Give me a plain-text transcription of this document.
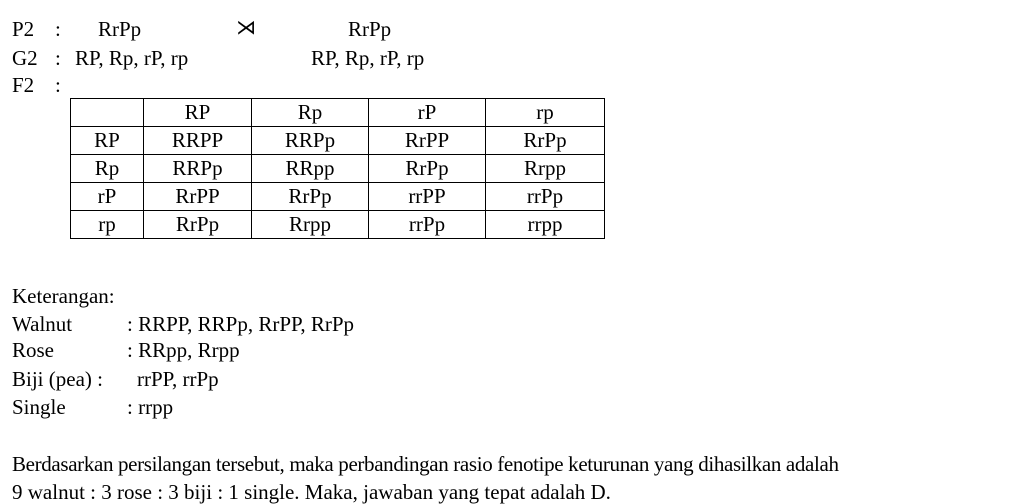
P2 : RrPp	⋊	RrPp
G2 : RP, Rp, rP, rp	RP, Rp, rP, rp
F2 :
	RP	Rp	rP	rp
RP	RRPP	RRPp	RrPP	RrPp
Rp	RRPp	RRpp	RrPp	Rrpp
rP	RrPP	RrPp	rrPP	rrPp
rp	RrPp	Rrpp	rrPp	rrpp
Keterangan:
Walnut	: RRPP, RRPp, RrPP, RrPp
Rose	: RRpp, Rrpp
Biji (pea) : rrPP, rrPp
Single	: rrpp
Berdasarkan persilangan tersebut, maka perbandingan rasio fenotipe keturunan yang dihasilkan adalah
9 walnut : 3 rose : 3 biji : 1 single. Maka, jawaban yang tepat adalah D.
